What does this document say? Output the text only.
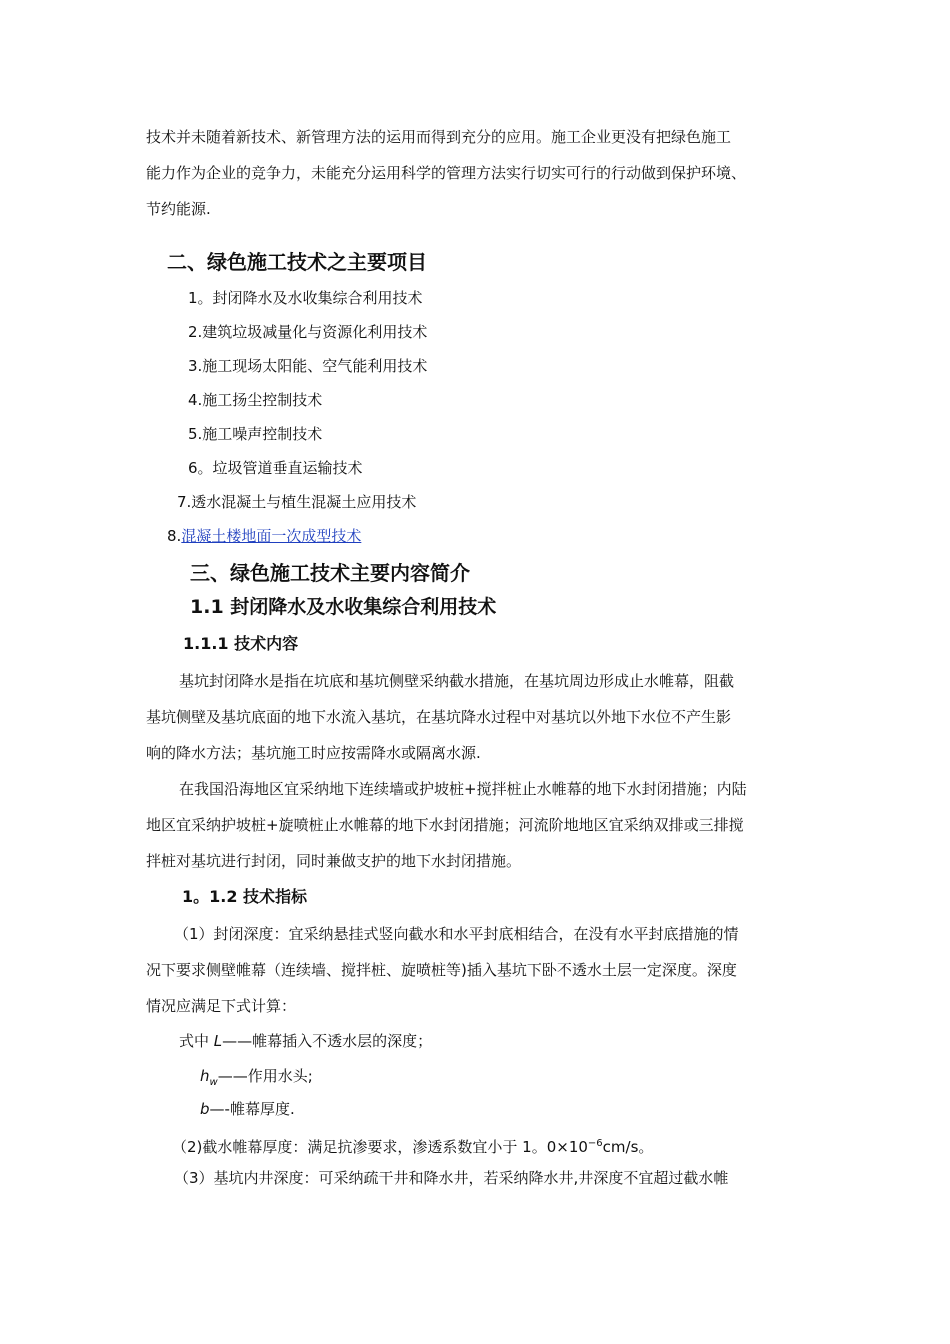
技术并未随着新技术、新管理方法的运用而得到充分的应用。施工企业更没有把绿色施工
能力作为企业的竞争力，未能充分运用科学的管理方法实行切实可行的行动做到保护环境、
节约能源.
二、绿色施工技术之主要项目
1。封闭降水及水收集综合利用技术
2.建筑垃圾减量化与资源化利用技术
3.施工现场太阳能、空气能利用技术
4.施工扬尘控制技术
5.施工噪声控制技术
6。垃圾管道垂直运输技术
7.透水混凝土与植生混凝土应用技术
8.混凝土楼地面一次成型技术
三、绿色施工技术主要内容简介
1.1 封闭降水及水收集综合利用技术
1.1.1 技术内容
基坑封闭降水是指在坑底和基坑侧壁采纳截水措施，在基坑周边形成止水帷幕，阻截
基坑侧壁及基坑底面的地下水流入基坑，在基坑降水过程中对基坑以外地下水位不产生影
响的降水方法；基坑施工时应按需降水或隔离水源.
在我国沿海地区宜采纳地下连续墙或护坡桩+搅拌桩止水帷幕的地下水封闭措施；内陆
地区宜采纳护坡桩+旋喷桩止水帷幕的地下水封闭措施；河流阶地地区宜采纳双排或三排搅
拌桩对基坑进行封闭，同时兼做支护的地下水封闭措施。
1。1.2 技术指标
（1）封闭深度：宜采纳悬挂式竖向截水和水平封底相结合，在没有水平封底措施的情
况下要求侧壁帷幕（连续墙、搅拌桩、旋喷桩等)插入基坑下卧不透水土层一定深度。深度
情况应满足下式计算：
式中 L——帷幕插入不透水层的深度；
$h_w——$作用水头;
b—-帷幕厚度.
（2)截水帷幕厚度：满足抗渗要求，渗透系数宜小于 1。$0\times 10^{-6}cm/s$。
（3）基坑内井深度：可采纳疏干井和降水井，若采纳降水井,井深度不宜超过截水帷
